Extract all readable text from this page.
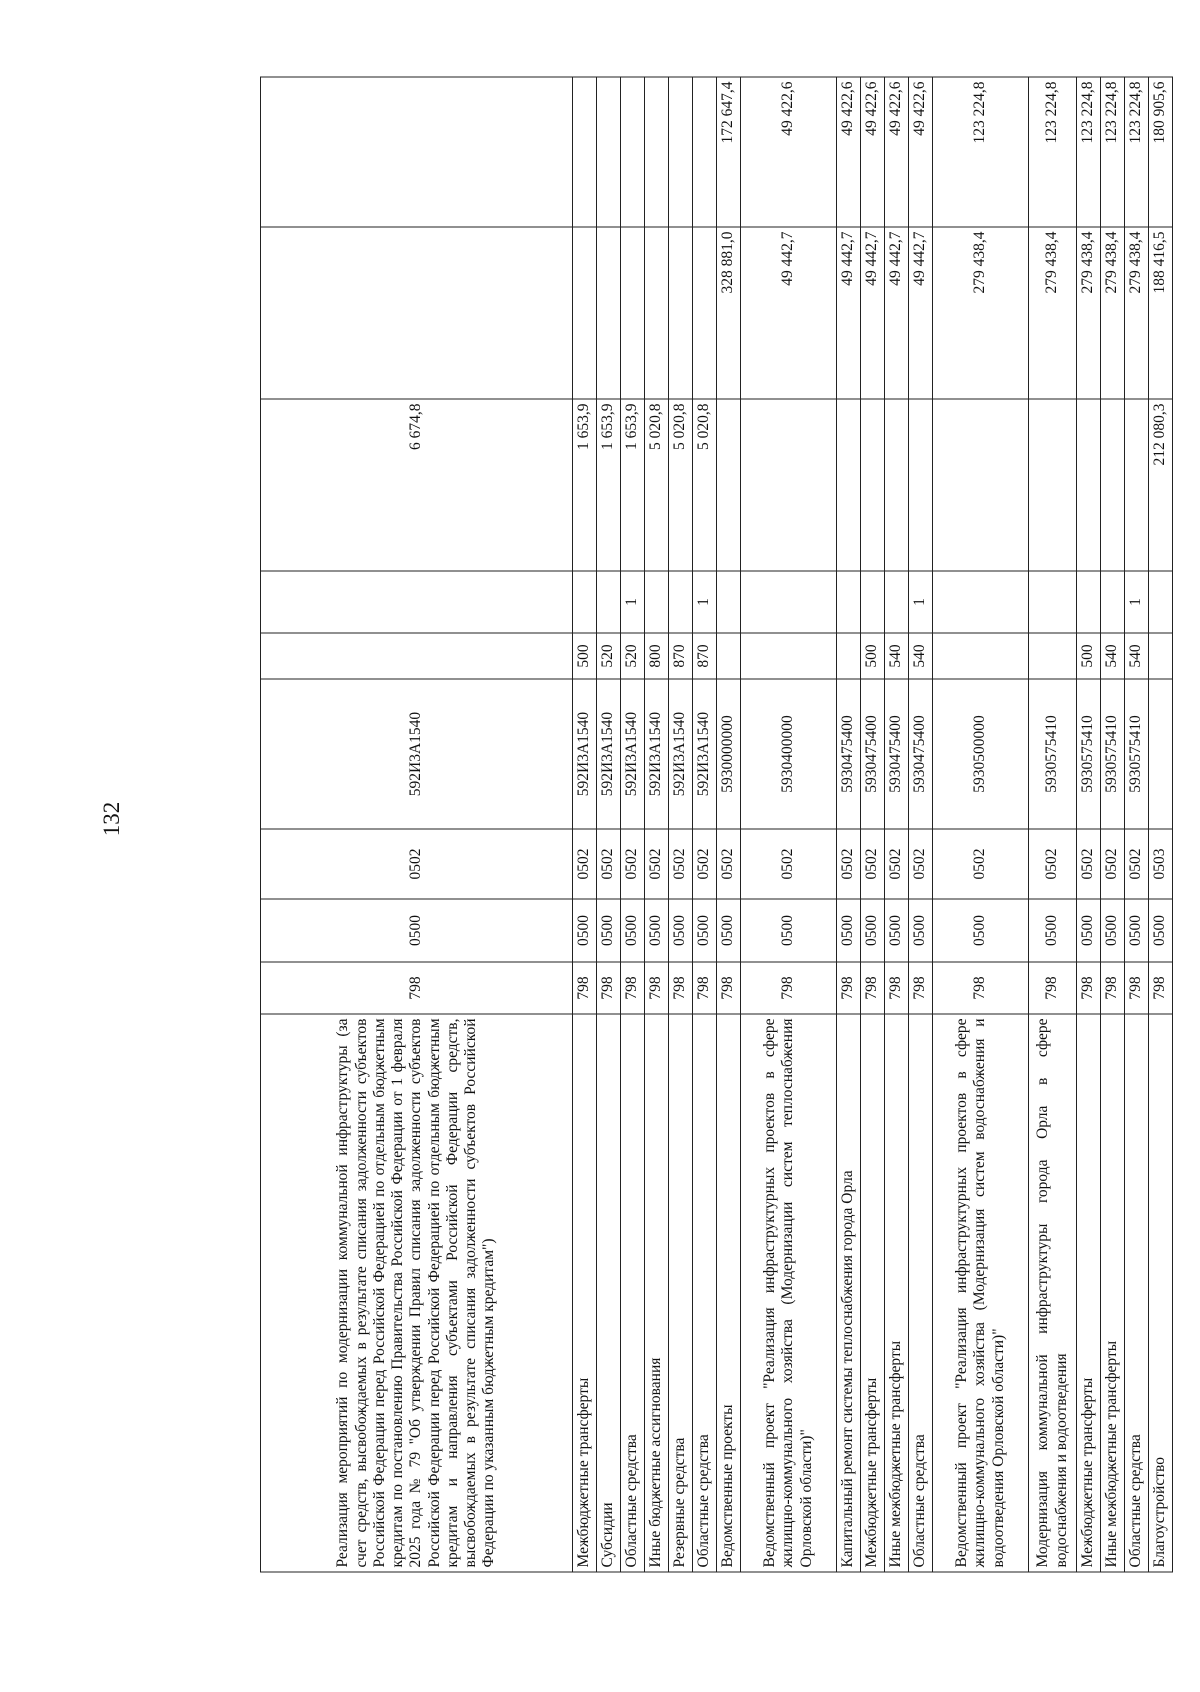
132
Реализация мероприятий по модернизации коммунальной инфраструктуры (за счет средств, высвобождаемых в результате списания задолженности субъектов Российской Федерации перед Российской Федерацией по отдельным бюджетным кредитам по постановлению Правительства Российской Федерации от 1 февраля 2025 года № 79 "Об утверждении Правил списания задолженности субъектов Российской Федерации перед Российской Федерацией по отдельным бюджетным кредитам и направления субъектами Российской Федерации средств, высвобождаемых в результате списания задолженности субъектов Российской Федерации по указанным бюджетным кредитам")	798	0500	0502	592И3А1540			6 674,8		
Межбюджетные трансферты	798	0500	0502	592И3А1540	500		1 653,9		
Субсидии	798	0500	0502	592И3А1540	520		1 653,9		
Областные средства	798	0500	0502	592И3А1540	520	1	1 653,9		
Иные бюджетные ассигнования	798	0500	0502	592И3А1540	800		5 020,8		
Резервные средства	798	0500	0502	592И3А1540	870		5 020,8		
Областные средства	798	0500	0502	592И3А1540	870	1	5 020,8		
Ведомственные проекты	798	0500	0502	5930000000				328 881,0	172 647,4
Ведомственный проект "Реализация инфраструктурных проектов в сфере жилищно-коммунального хозяйства (Модернизации систем теплоснабжения Орловской области)"	798	0500	0502	5930400000				49 442,7	49 422,6
Капитальный ремонт системы теплоснабжения города Орла	798	0500	0502	5930475400				49 442,7	49 422,6
Межбюджетные трансферты	798	0500	0502	5930475400	500			49 442,7	49 422,6
Иные межбюджетные трансферты	798	0500	0502	5930475400	540			49 442,7	49 422,6
Областные средства	798	0500	0502	5930475400	540	1		49 442,7	49 422,6
Ведомственный проект "Реализация инфраструктурных проектов в сфере жилищно-коммунального хозяйства (Модернизация систем водоснабжения и водоотведения Орловской области)"	798	0500	0502	5930500000				279 438,4	123 224,8
Модернизация коммунальной инфраструктуры города Орла в сфере водоснабжения и водоотведения	798	0500	0502	5930575410				279 438,4	123 224,8
Межбюджетные трансферты	798	0500	0502	5930575410	500			279 438,4	123 224,8
Иные межбюджетные трансферты	798	0500	0502	5930575410	540			279 438,4	123 224,8
Областные средства	798	0500	0502	5930575410	540	1		279 438,4	123 224,8
Благоустройство	798	0500	0503				212 080,3	188 416,5	180 905,6
